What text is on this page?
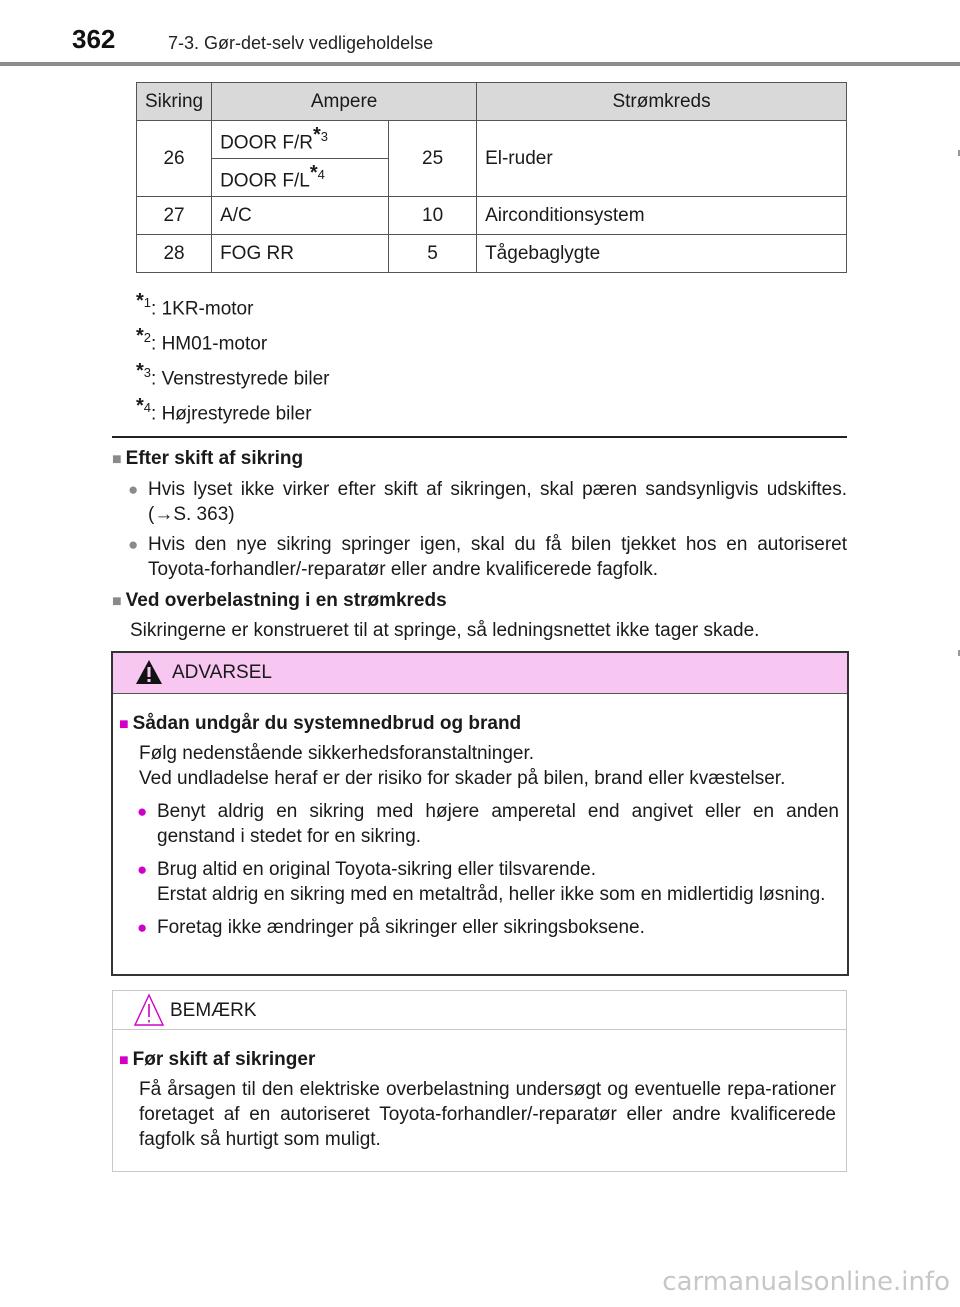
362	7-3. Gør-det-selv vedligeholdelse
Sikring	Ampere		Strømkreds
26	DOOR $F/R^{*3}$	25	El-ruder
	DOOR $F/L^{*4}$
27	A/C	10	Airconditionsystem
28	FOG RR	5	Tågebaglygte
$^{*1}$: 1KR-motor
$^{*2}$: HM01-motor
$^{*3}$: Venstrestyrede biler
$^{*4}$: Højrestyrede biler
■ Efter skift af sikring
● Hvis lyset ikke virker efter skift af sikringen, skal pæren sandsynligvis udskiftes. (→S. 363)
● Hvis den nye sikring springer igen, skal du få bilen tjekket hos en autoriseret Toyota-forhandler/-reparatør eller andre kvalificerede fagfolk.
■ Ved overbelastning i en strømkreds
Sikringerne er konstrueret til at springe, så ledningsnettet ikke tager skade.
ADVARSEL
■ Sådan undgår du systemnedbrud og brand
Følg nedenstående sikkerhedsforanstaltninger.
Ved undladelse heraf er der risiko for skader på bilen, brand eller kvæstelser.
● Benyt aldrig en sikring med højere amperetal end angivet eller en anden genstand i stedet for en sikring.
● Brug altid en original Toyota-sikring eller tilsvarende.
Erstat aldrig en sikring med en metaltråd, heller ikke som en midlertidig løsning.
● Foretag ikke ændringer på sikringer eller sikringsboksene.
BEMÆRK
■ Før skift af sikringer
Få årsagen til den elektriske overbelastning undersøgt og eventuelle repa-rationer foretaget af en autoriseret Toyota-forhandler/-reparatør eller andre kvalificerede fagfolk så hurtigt som muligt.
carmanualsonline.info
